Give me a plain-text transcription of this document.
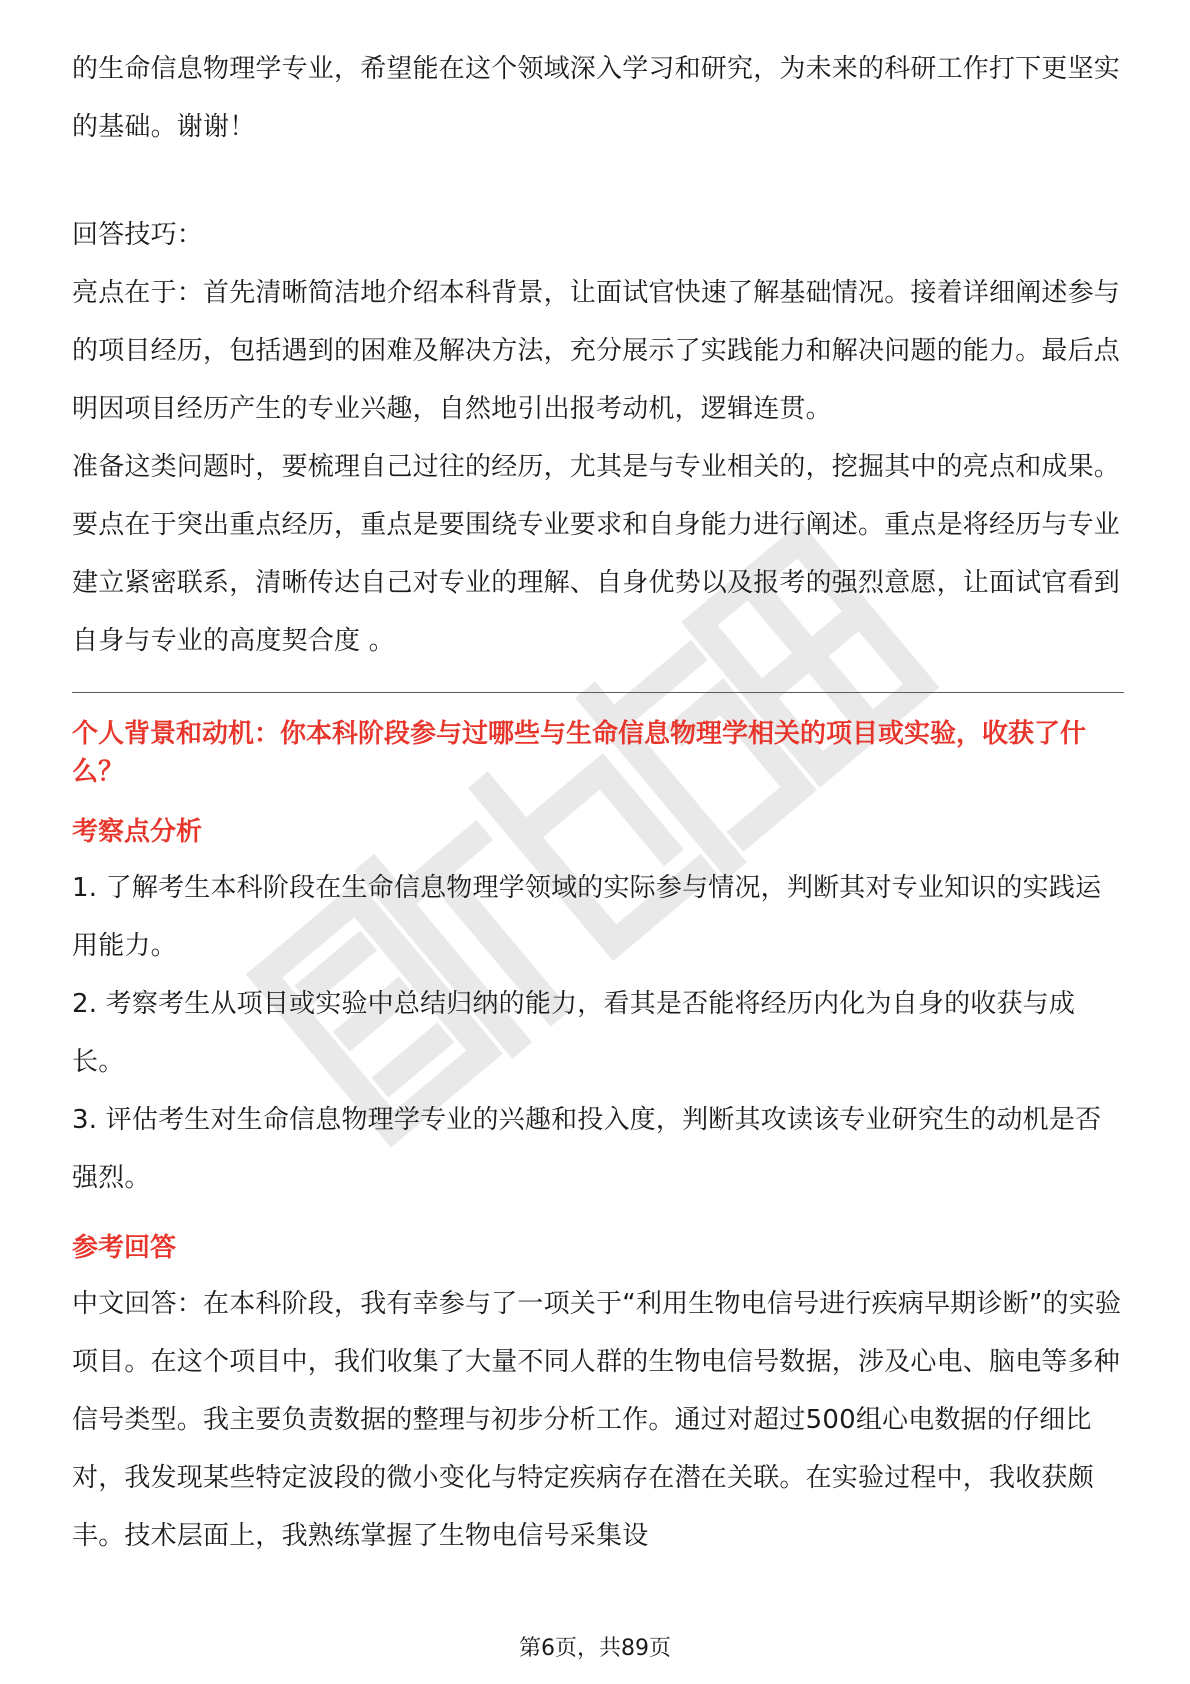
的生命信息物理学专业，希望能在这个领域深入学习和研究，为未来的科研工作打下更坚实的基础。谢谢！

回答技巧：

亮点在于：首先清晰简洁地介绍本科背景，让面试官快速了解基础情况。接着详细阐述参与的项目经历，包括遇到的困难及解决方法，充分展示了实践能力和解决问题的能力。最后点明因项目经历产生的专业兴趣，自然地引出报考动机，逻辑连贯。

准备这类问题时，要梳理自己过往的经历，尤其是与专业相关的，挖掘其中的亮点和成果。要点在于突出重点经历，重点是要围绕专业要求和自身能力进行阐述。重点是将经历与专业建立紧密联系，清晰传达自己对专业的理解、自身优势以及报考的强烈意愿，让面试官看到自身与专业的高度契合度 。

个人背景和动机：你本科阶段参与过哪些与生命信息物理学相关的项目或实验，收获了什么？

考察点分析

1. 了解考生本科阶段在生命信息物理学领域的实际参与情况，判断其对专业知识的实践运用能力。

2. 考察考生从项目或实验中总结归纳的能力，看其是否能将经历内化为自身的收获与成长。

3. 评估考生对生命信息物理学专业的兴趣和投入度，判断其攻读该专业研究生的动机是否强烈。

参考回答

中文回答：在本科阶段，我有幸参与了一项关于“利用生物电信号进行疾病早期诊断”的实验项目。在这个项目中，我们收集了大量不同人群的生物电信号数据，涉及心电、脑电等多种信号类型。我主要负责数据的整理与初步分析工作。通过对超过500组心电数据的仔细比对，我发现某些特定波段的微小变化与特定疾病存在潜在关联。在实验过程中，我收获颇丰。技术层面上，我熟练掌握了生物电信号采集设

第6页，共89页
